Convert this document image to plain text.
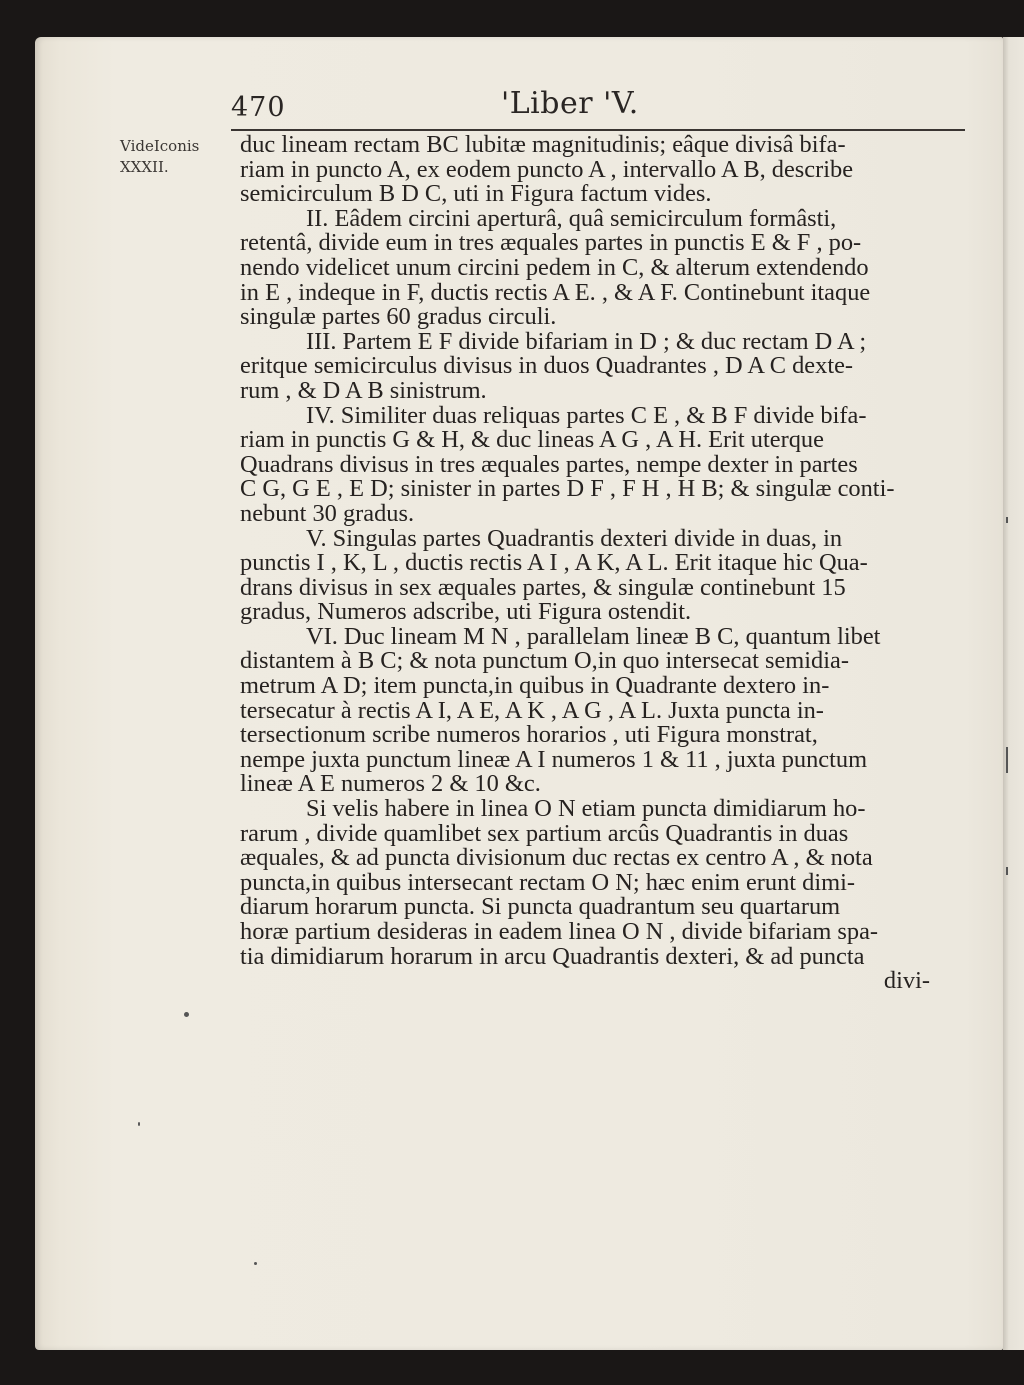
470	'Liber 'V.
VideIconis
XXXII.
duc lineam rectam BC lubitæ magnitudinis; eâque divisâ bifa-
riam in puncto A, ex eodem puncto A , intervallo A B, describe
semicirculum B D C, uti in Figura factum vides.
II. Eâdem circini aperturâ, quâ semicirculum formâsti,
retentâ, divide eum in tres æquales partes in punctis E & F , po-
nendo videlicet unum circini pedem in C, & alterum extendendo
in E , indeque in F, ductis rectis A E. , & A F. Continebunt itaque
singulæ partes 60 gradus circuli.
III. Partem E F divide bifariam in D ; & duc rectam D A ;
eritque semicirculus divisus in duos Quadrantes , D A C dexte-
rum , & D A B sinistrum.
IV. Similiter duas reliquas partes C E , & B F divide bifa-
riam in punctis G & H, & duc lineas A G , A H. Erit uterque
Quadrans divisus in tres æquales partes, nempe dexter in partes
C G, G E , E D; sinister in partes D F , F H , H B; & singulæ conti-
nebunt 30 gradus.
V. Singulas partes Quadrantis dexteri divide in duas, in
punctis I , K, L , ductis rectis A I , A K, A L. Erit itaque hic Qua-
drans divisus in sex æquales partes, & singulæ continebunt 15
gradus, Numeros adscribe, uti Figura ostendit.
VI. Duc lineam M N , parallelam lineæ B C, quantum libet
distantem à B C; & nota punctum O,in quo intersecat semidia-
metrum A D; item puncta,in quibus in Quadrante dextero in-
tersecatur à rectis A I, A E, A K , A G , A L. Juxta puncta in-
tersectionum scribe numeros horarios , uti Figura monstrat,
nempe juxta punctum lineæ A I numeros 1 & 11 , juxta punctum
lineæ A E numeros 2 & 10 &c.
Si velis habere in linea O N etiam puncta dimidiarum ho-
rarum , divide quamlibet sex partium arcûs Quadrantis in duas
æquales, & ad puncta divisionum duc rectas ex centro A , & nota
puncta,in quibus intersecant rectam O N; hæc enim erunt dimi-
diarum horarum puncta. Si puncta quadrantum seu quartarum
horæ partium desideras in eadem linea O N , divide bifariam spa-
tia dimidiarum horarum in arcu Quadrantis dexteri, & ad puncta
divi-
